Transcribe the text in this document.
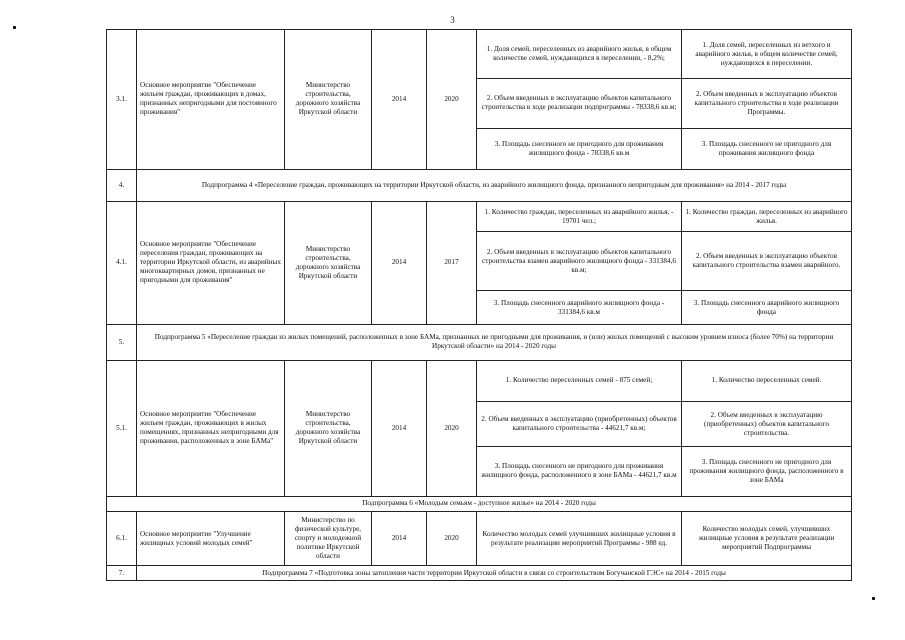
3
3.1.	Основное мероприятие "Обеспечение жильем граждан, проживающих в домах, признанных непригодными для постоянного проживания"	Министерство строительства, дорожного хозяйства Иркутской области	2014	2020	1. Доля семей, переселенных из аварийного жилья, в общем количестве семей, нуждающихся в переселении, - 8,2%;	1. Доля семей, переселенных из ветхого и аварийного жилья, в общем количестве семей, нуждающихся в переселении.
					2. Объем введенных в эксплуатацию объектов капитального строительства в ходе реализации подпрограммы - 78338,6 кв.м;	2. Объем введенных в эксплуатацию объектов капитального строительства в ходе реализации Программы.
					3. Площадь снесенного не пригодного для проживания жилищного фонда - 78338,6 кв.м	3. Площадь снесенного не пригодного для проживания жилищного фонда
4.	Подпрограмма 4 «Переселение граждан, проживающих на территории Иркутской области, из аварийного жилищного фонда, признанного непригодным для проживания» на 2014 - 2017 годы					
4.1.	Основное мероприятие "Обеспечение переселения граждан, проживающих на территории Иркутской области, из аварийных многоквартирных домов, признанных не пригодными для проживания"	Министерство строительства, дорожного хозяйства Иркутской области	2014	2017	1. Количество граждан, переселенных из аварийного жилья, - 19701 чел.;	1. Количество граждан, переселенных из аварийного жилья.
					2. Объем введенных в эксплуатацию объектов капитального строительства взамен аварийного жилищного фонда - 331384,6 кв.м;	2. Объем введенных в эксплуатацию объектов капитального строительства взамен аварийного.
					3. Площадь снесенного аварийного жилищного фонда - 331384,6 кв.м	3. Площадь снесенного аварийного жилищного фонда
5.	Подпрограмма 5 «Переселение граждан из жилых помещений, расположенных в зоне БАМа, признанных не пригодными для проживания, и (или) жилых помещений с высоким уровнем износа (более 70%) на территории Иркутской области» на 2014 - 2020 годы					
5.1.	Основное мероприятие "Обеспечение жильем граждан, проживающих в жилых помещениях, признанных непригодными для проживания, расположенных в зоне БАМа"	Министерство строительства, дорожного хозяйства Иркутской области	2014	2020	1. Количество переселенных семей - 875 семей;	1. Количество переселенных семей.
					2. Объем введенных в эксплуатацию (приобретенных) объектов капитального строительства - 44621,7 кв.м;	2. Объем введенных в эксплуатацию (приобретенных) объектов капитального строительства.
					3. Площадь снесенного не пригодного для проживания жилищного фонда, расположенного в зоне БАМа - 44621,7 кв.м	3. Площадь снесенного не пригодного для проживания жилищного фонда, расположенного в зоне БАМа
Подпрограмма 6 «Молодым семьям - доступное жилье» на 2014 - 2020 годы						
6.1.	Основное мероприятие "Улучшение жилищных условий молодых семей"	Министерство по физической культуре, спорту и молодежной политике Иркутской области	2014	2020	Количество молодых семей улучшивших жилищные условия в результате реализации мероприятий Программы - 988 ед.	Количество молодых семей, улучшивших жилищные условия в результате реализации мероприятий Подпрограммы
7.	Подпрограмма 7 «Подготовка зоны затопления части территории Иркутской области в связи со строительством Богучанской ГЭС» на 2014 - 2015 годы					
